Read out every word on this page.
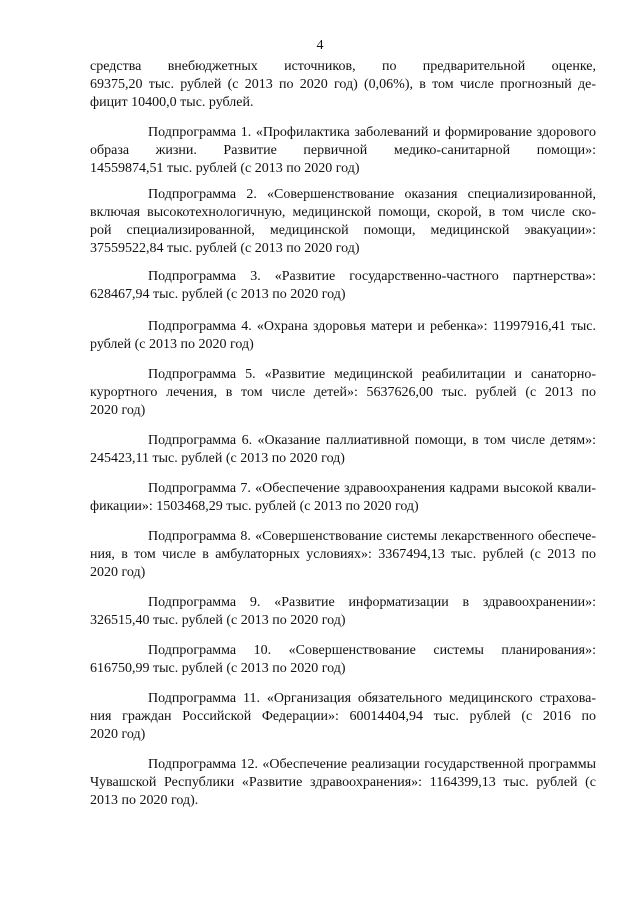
4
средства внебюджетных источников, по предварительной оценке,
69375,20 тыс. рублей (с 2013 по 2020 год) (0,06%), в том числе прогнозный де-
фицит 10400,0 тыс. рублей.
Подпрограмма 1. «Профилактика заболеваний и формирование здорового
образа жизни. Развитие первичной медико-санитарной помощи»:
14559874,51 тыс. рублей (с 2013 по 2020 год)
Подпрограмма 2. «Совершенствование оказания специализированной,
включая высокотехнологичную, медицинской помощи, скорой, в том числе ско-
рой специализированной, медицинской помощи, медицинской эвакуации»:
37559522,84 тыс. рублей (с 2013 по 2020 год)
Подпрограмма 3. «Развитие государственно-частного партнерства»:
628467,94 тыс. рублей (с 2013 по 2020 год)
Подпрограмма 4. «Охрана здоровья матери и ребенка»: 11997916,41 тыс.
рублей (с 2013 по 2020 год)
Подпрограмма 5. «Развитие медицинской реабилитации и санаторно-
курортного лечения, в том числе детей»: 5637626,00 тыс. рублей (с 2013 по
2020 год)
Подпрограмма 6. «Оказание паллиативной помощи, в том числе детям»:
245423,11 тыс. рублей (с 2013 по 2020 год)
Подпрограмма 7. «Обеспечение здравоохранения кадрами высокой квали-
фикации»: 1503468,29 тыс. рублей (с 2013 по 2020 год)
Подпрограмма 8. «Совершенствование системы лекарственного обеспече-
ния, в том числе в амбулаторных условиях»: 3367494,13 тыс. рублей (с 2013 по
2020 год)
Подпрограмма 9. «Развитие информатизации в здравоохранении»:
326515,40 тыс. рублей (с 2013 по 2020 год)
Подпрограмма 10. «Совершенствование системы планирования»:
616750,99 тыс. рублей (с 2013 по 2020 год)
Подпрограмма 11. «Организация обязательного медицинского страхова-
ния граждан Российской Федерации»: 60014404,94 тыс. рублей (с 2016 по
2020 год)
Подпрограмма 12. «Обеспечение реализации государственной программы
Чувашской Республики «Развитие здравоохранения»: 1164399,13 тыс. рублей (с
2013 по 2020 год).
